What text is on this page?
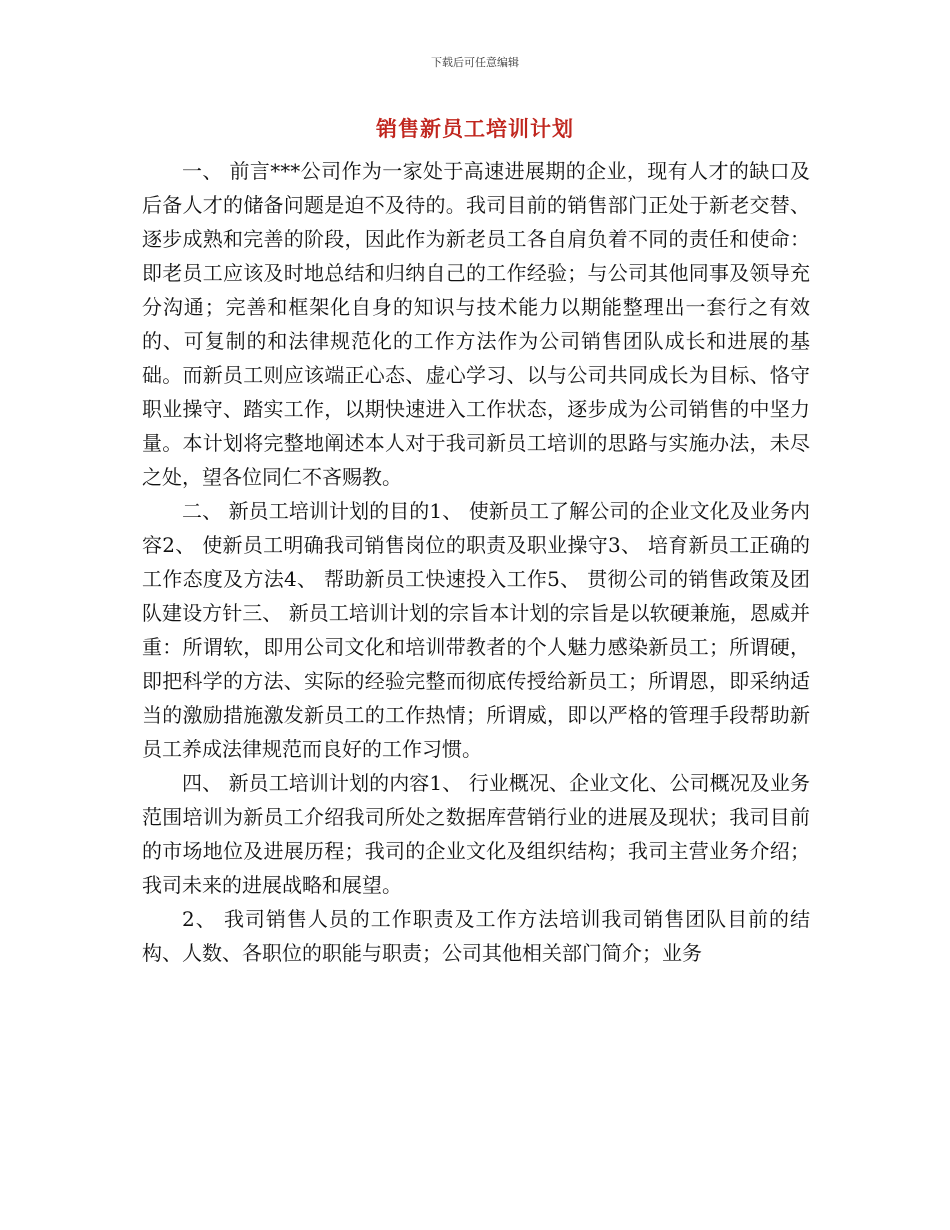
下载后可任意编辑
销售新员工培训计划

一、 前言***公司作为一家处于高速进展期的企业，现有人才的缺口及后备人才的储备问题是迫不及待的。我司目前的销售部门正处于新老交替、逐步成熟和完善的阶段，因此作为新老员工各自肩负着不同的责任和使命：即老员工应该及时地总结和归纳自己的工作经验；与公司其他同事及领导充分沟通；完善和框架化自身的知识与技术能力以期能整理出一套行之有效的、可复制的和法律规范化的工作方法作为公司销售团队成长和进展的基础。而新员工则应该端正心态、虚心学习、以与公司共同成长为目标、恪守职业操守、踏实工作，以期快速进入工作状态，逐步成为公司销售的中坚力量。本计划将完整地阐述本人对于我司新员工培训的思路与实施办法，未尽之处，望各位同仁不吝赐教。

二、 新员工培训计划的目的1、 使新员工了解公司的企业文化及业务内容2、 使新员工明确我司销售岗位的职责及职业操守3、 培育新员工正确的工作态度及方法4、 帮助新员工快速投入工作5、 贯彻公司的销售政策及团队建设方针三、 新员工培训计划的宗旨本计划的宗旨是以软硬兼施，恩威并重：所谓软，即用公司文化和培训带教者的个人魅力感染新员工；所谓硬，即把科学的方法、实际的经验完整而彻底传授给新员工；所谓恩，即采纳适当的激励措施激发新员工的工作热情；所谓威，即以严格的管理手段帮助新员工养成法律规范而良好的工作习惯。

四、 新员工培训计划的内容1、 行业概况、企业文化、公司概况及业务范围培训为新员工介绍我司所处之数据库营销行业的进展及现状；我司目前的市场地位及进展历程；我司的企业文化及组织结构；我司主营业务介绍；我司未来的进展战略和展望。

2、 我司销售人员的工作职责及工作方法培训我司销售团队目前的结构、人数、各职位的职能与职责；公司其他相关部门简介；业务
